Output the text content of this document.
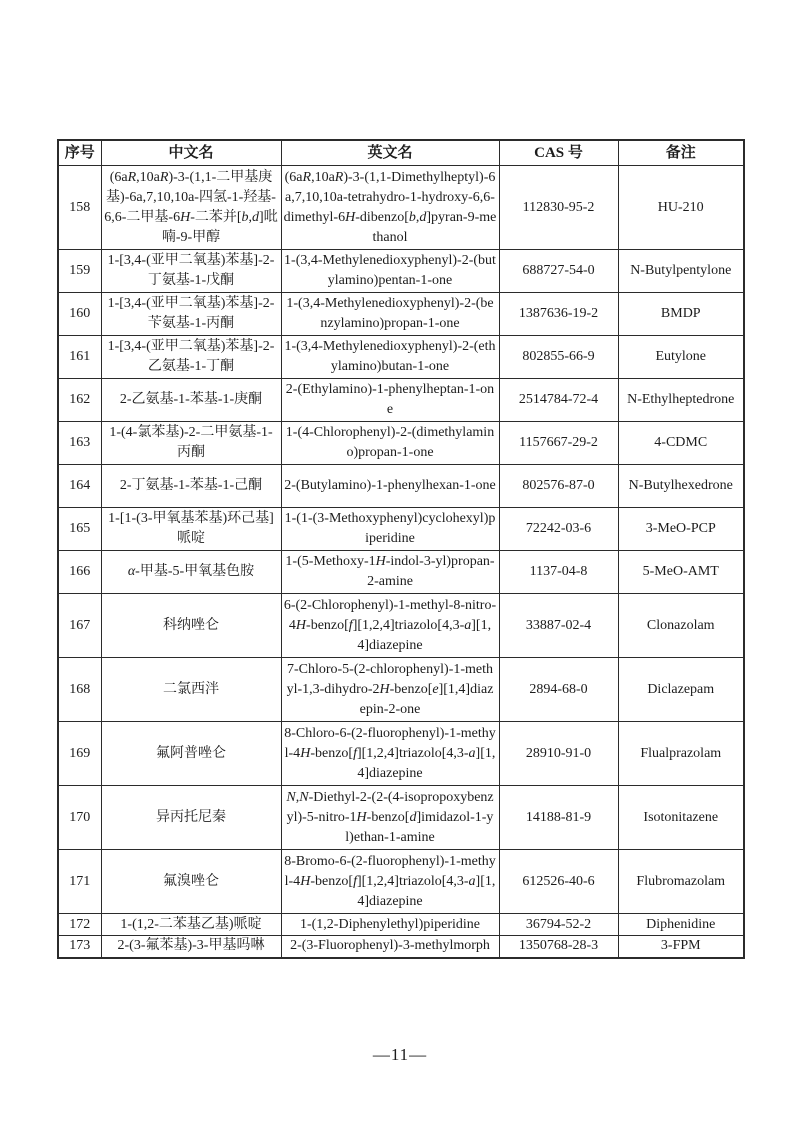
序号	中文名	英文名	CAS 号	备注
158	(6aR,10aR)-3-(1,1-二甲基庚基)-6a,7,10,10a-四氢-1-羟基-6,6-二甲基-6H-二苯并[b,d]吡喃-9-甲醇	(6aR,10aR)-3-(1,1-Dimethylheptyl)-6a,7,10,10a-tetrahydro-1-hydroxy-6,6-dimethyl-6H-dibenzo[b,d]pyran-9-methanol	112830-95-2	HU-210
159	1-[3,4-(亚甲二氧基)苯基]-2-丁氨基-1-戊酮	1-(3,4-Methylenedioxyphenyl)-2-(butylamino)pentan-1-one	688727-54-0	N-Butylpentylone
160	1-[3,4-(亚甲二氧基)苯基]-2-苄氨基-1-丙酮	1-(3,4-Methylenedioxyphenyl)-2-(benzylamino)propan-1-one	1387636-19-2	BMDP
161	1-[3,4-(亚甲二氧基)苯基]-2-乙氨基-1-丁酮	1-(3,4-Methylenedioxyphenyl)-2-(ethylamino)butan-1-one	802855-66-9	Eutylone
162	2-乙氨基-1-苯基-1-庚酮	2-(Ethylamino)-1-phenylheptan-1-one	2514784-72-4	N-Ethylheptedrone
163	1-(4-氯苯基)-2-二甲氨基-1-丙酮	1-(4-Chlorophenyl)-2-(dimethylamino)propan-1-one	1157667-29-2	4-CDMC
164	2-丁氨基-1-苯基-1-己酮	2-(Butylamino)-1-phenylhexan-1-one	802576-87-0	N-Butylhexedrone
165	1-[1-(3-甲氧基苯基)环己基]哌啶	1-(1-(3-Methoxyphenyl)cyclohexyl)piperidine	72242-03-6	3-MeO-PCP
166	α-甲基-5-甲氧基色胺	1-(5-Methoxy-1H-indol-3-yl)propan-2-amine	1137-04-8	5-MeO-AMT
167	科纳唑仑	6-(2-Chlorophenyl)-1-methyl-8-nitro-4H-benzo[f][1,2,4]triazolo[4,3-a][1,4]diazepine	33887-02-4	Clonazolam
168	二氯西泮	7-Chloro-5-(2-chlorophenyl)-1-methyl-1,3-dihydro-2H-benzo[e][1,4]diazepin-2-one	2894-68-0	Diclazepam
169	氟阿普唑仑	8-Chloro-6-(2-fluorophenyl)-1-methyl-4H-benzo[f][1,2,4]triazolo[4,3-a][1,4]diazepine	28910-91-0	Flualprazolam
170	异丙托尼秦	N,N-Diethyl-2-(2-(4-isopropoxybenzyl)-5-nitro-1H-benzo[d]imidazol-1-yl)ethan-1-amine	14188-81-9	Isotonitazene
171	氟溴唑仑	8-Bromo-6-(2-fluorophenyl)-1-methyl-4H-benzo[f][1,2,4]triazolo[4,3-a][1,4]diazepine	612526-40-6	Flubromazolam
172	1-(1,2-二苯基乙基)哌啶	1-(1,2-Diphenylethyl)piperidine	36794-52-2	Diphenidine
173	2-(3-氟苯基)-3-甲基吗啉	2-(3-Fluorophenyl)-3-methylmorph	1350768-28-3	3-FPM
—11—
